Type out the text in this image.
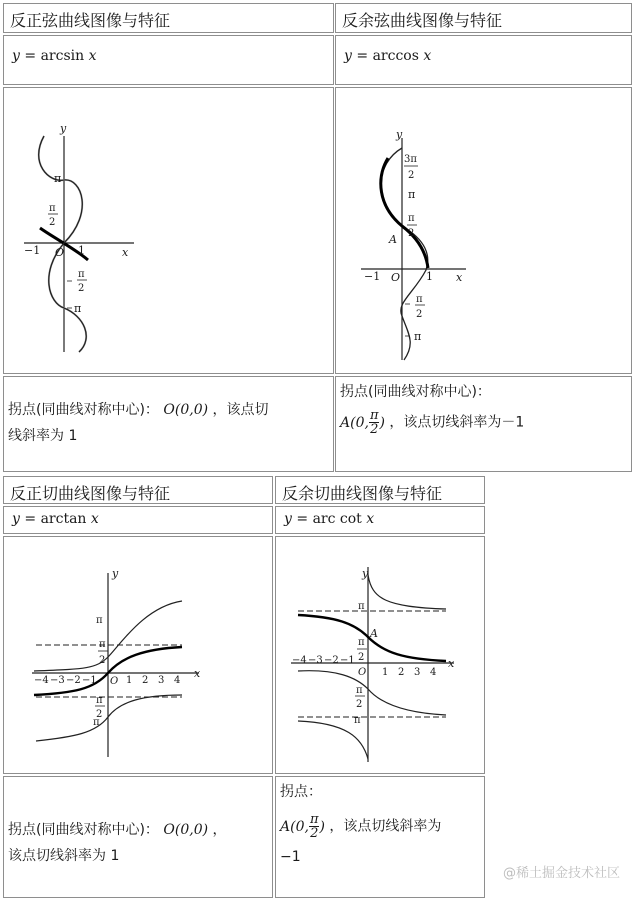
反正弦曲线图像与特征
y = arcsin x
y
π
π
2
−1 O 1	x
π
2
π
拐点(同曲线对称中心)： O(0,0) ，该点切
线斜率为 1
反余弦曲线图像与特征
y = arccos x
y
3π
2
π
π
2
A
−1 O 1 x
π
2
π
拐点(同曲线对称中心)：
A(0, $\frac{\pi}{2}$ ) ，该点切线斜率为－1
反正切曲线图像与特征
y = arctan x
y
π
π
2
−4 −3 −2 −1 O 1 2 3 4
x
π
2
π
拐点(同曲线对称中心)： O(0,0) ，
该点切线斜率为 1
反余切曲线图像与特征
y = arc cot x
y
π
A
π
2
−4 −3 −2 −1
O 1 2 3 4
x
π
2
π
拐点：
A(0, $\frac{\pi}{2}$ ) ，该点切线斜率为
−1
@稀土掘金技术社区
